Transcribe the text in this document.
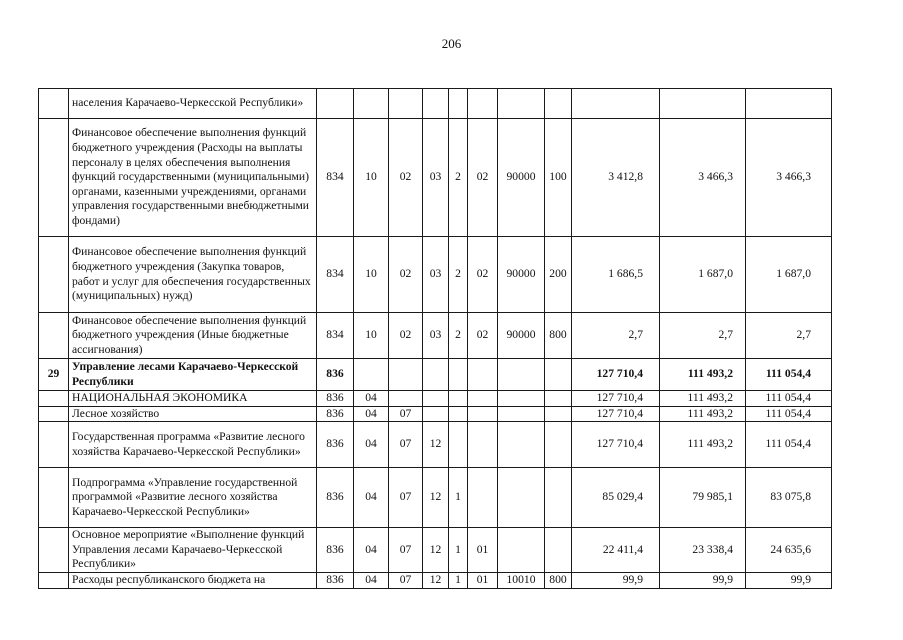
206
	населения Карачаево-Черкесской Республики»											
	Финансовое обеспечение выполнения функций бюджетного учреждения (Расходы на выплаты персоналу в целях обеспечения выполнения функций государственными (муниципальными) органами, казенными учреждениями, органами управления государственными внебюджетными фондами)	834	10	02	03	2	02	90000	100	3 412,8	3 466,3	3 466,3
	Финансовое обеспечение выполнения функций бюджетного учреждения (Закупка товаров, работ и услуг для обеспечения государственных (муниципальных) нужд)	834	10	02	03	2	02	90000	200	1 686,5	1 687,0	1 687,0
	Финансовое обеспечение выполнения функций бюджетного учреждения (Иные бюджетные ассигнования)	834	10	02	03	2	02	90000	800	2,7	2,7	2,7
29	Управление лесами Карачаево-Черкесской Республики	836								127 710,4	111 493,2	111 054,4
	НАЦИОНАЛЬНАЯ ЭКОНОМИКА	836	04							127 710,4	111 493,2	111 054,4
	Лесное хозяйство	836	04	07						127 710,4	111 493,2	111 054,4
	Государственная программа «Развитие лесного хозяйства Карачаево-Черкесской Республики»	836	04	07	12					127 710,4	111 493,2	111 054,4
	Подпрограмма «Управление государственной программой «Развитие лесного хозяйства Карачаево-Черкесской Республики»	836	04	07	12	1				85 029,4	79 985,1	83 075,8
	Основное мероприятие «Выполнение функций Управления лесами Карачаево-Черкесской Республики»	836	04	07	12	1	01			22 411,4	23 338,4	24 635,6
	Расходы республиканского бюджета на	836	04	07	12	1	01	10010	800	99,9	99,9	99,9
